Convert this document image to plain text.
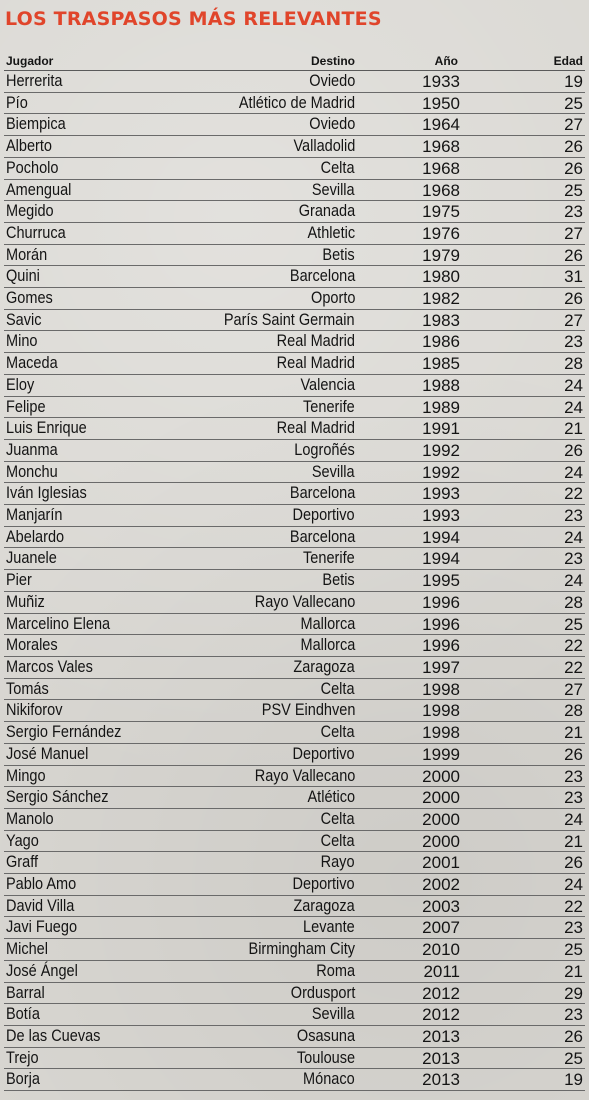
LOS TRASPASOS MÁS RELEVANTES
Jugador	Destino	Año	Edad
Herrerita	Oviedo	1933	19
Pío	Atlético de Madrid	1950	25
Biempica	Oviedo	1964	27
Alberto	Valladolid	1968	26
Pocholo	Celta	1968	26
Amengual	Sevilla	1968	25
Megido	Granada	1975	23
Churruca	Athletic	1976	27
Morán	Betis	1979	26
Quini	Barcelona	1980	31
Gomes	Oporto	1982	26
Savic	París Saint Germain	1983	27
Mino	Real Madrid	1986	23
Maceda	Real Madrid	1985	28
Eloy	Valencia	1988	24
Felipe	Tenerife	1989	24
Luis Enrique	Real Madrid	1991	21
Juanma	Logroñés	1992	26
Monchu	Sevilla	1992	24
Iván Iglesias	Barcelona	1993	22
Manjarín	Deportivo	1993	23
Abelardo	Barcelona	1994	24
Juanele	Tenerife	1994	23
Pier	Betis	1995	24
Muñiz	Rayo Vallecano	1996	28
Marcelino Elena	Mallorca	1996	25
Morales	Mallorca	1996	22
Marcos Vales	Zaragoza	1997	22
Tomás	Celta	1998	27
Nikiforov	PSV Eindhven	1998	28
Sergio Fernández	Celta	1998	21
José Manuel	Deportivo	1999	26
Mingo	Rayo Vallecano	2000	23
Sergio Sánchez	Atlético	2000	23
Manolo	Celta	2000	24
Yago	Celta	2000	21
Graff	Rayo	2001	26
Pablo Amo	Deportivo	2002	24
David Villa	Zaragoza	2003	22
Javi Fuego	Levante	2007	23
Michel	Birmingham City	2010	25
José Ángel	Roma	2011	21
Barral	Ordusport	2012	29
Botía	Sevilla	2012	23
De las Cuevas	Osasuna	2013	26
Trejo	Toulouse	2013	25
Borja	Mónaco	2013	19
